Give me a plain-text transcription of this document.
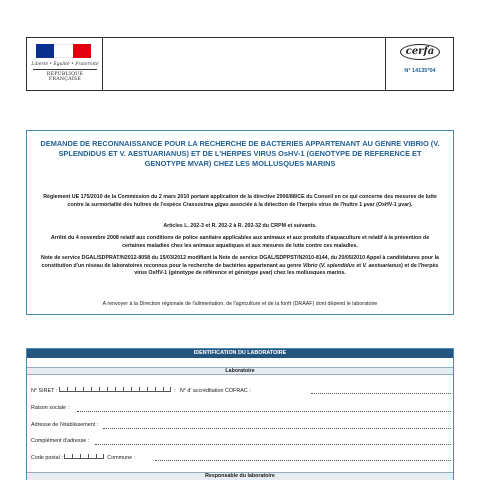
Liberté • Égalité • Fraternité
RÉPUBLIQUE FRANÇAISE
cerfa
N° 14135*04
DEMANDE DE RECONNAISSANCE POUR LA RECHERCHE DE BACTERIES APPARTENANT AU GENRE VIBRIO (V. SPLENDIDUS ET V. AESTUARIANUS) ET DE L'HERPES VIRUS OsHV-1 (GENOTYPE DE REFERENCE ET GENOTYPE MVAR) CHEZ LES MOLLUSQUES MARINS
Règlement UE 175/2010 de la Commission du 2 mars 2010 portant application de la directive 2006/88/CE du Conseil en ce qui concerne des mesures de lutte contre la surmortalité des huîtres de l'espèce Crassostrea gigas associée à la détection de l'herpès virus de l'huître 1 µvar (OsHV-1 µvar).
Articles L. 202-3 et R. 202-2 à R. 202-32 du CRPM et suivants.
Arrêté du 4 novembre 2008 relatif aux conditions de police sanitaire applicables aux animaux et aux produits d'aquaculture et relatif à la prévention de certaines maladies chez les animaux aquatiques et aux mesures de lutte contre ces maladies.
Note de service DGAL/SDPRAT/N2012-8058 du 15/03/2012 modifiant la Note de service DGAL/SDPPST/N2010-8144, du 20/05/2010 Appel à candidatures pour la constitution d'un réseau de laboratoires reconnus pour la recherche de bactéries appartenant au genre Vibrio (V. splendidus et V. aestuarianus) et de l'herpès virus OsHV-1 (génotype de référence et génotype µvar) chez les mollusques marins.
A renvoyer à la Direction régionale de l'alimentation, de l'agriculture et de la forêt (DRAAF) dont dépend le laboratoire
IDENTIFICATION DU LABORATOIRE
Laboratoire
N° SIRET :	:   N° d' accréditation COFRAC :
Raison sociale :
Adresse de l'établissement :
Complément d'adresse :
Code postal :	Commune :
Responsable du laboratoire
